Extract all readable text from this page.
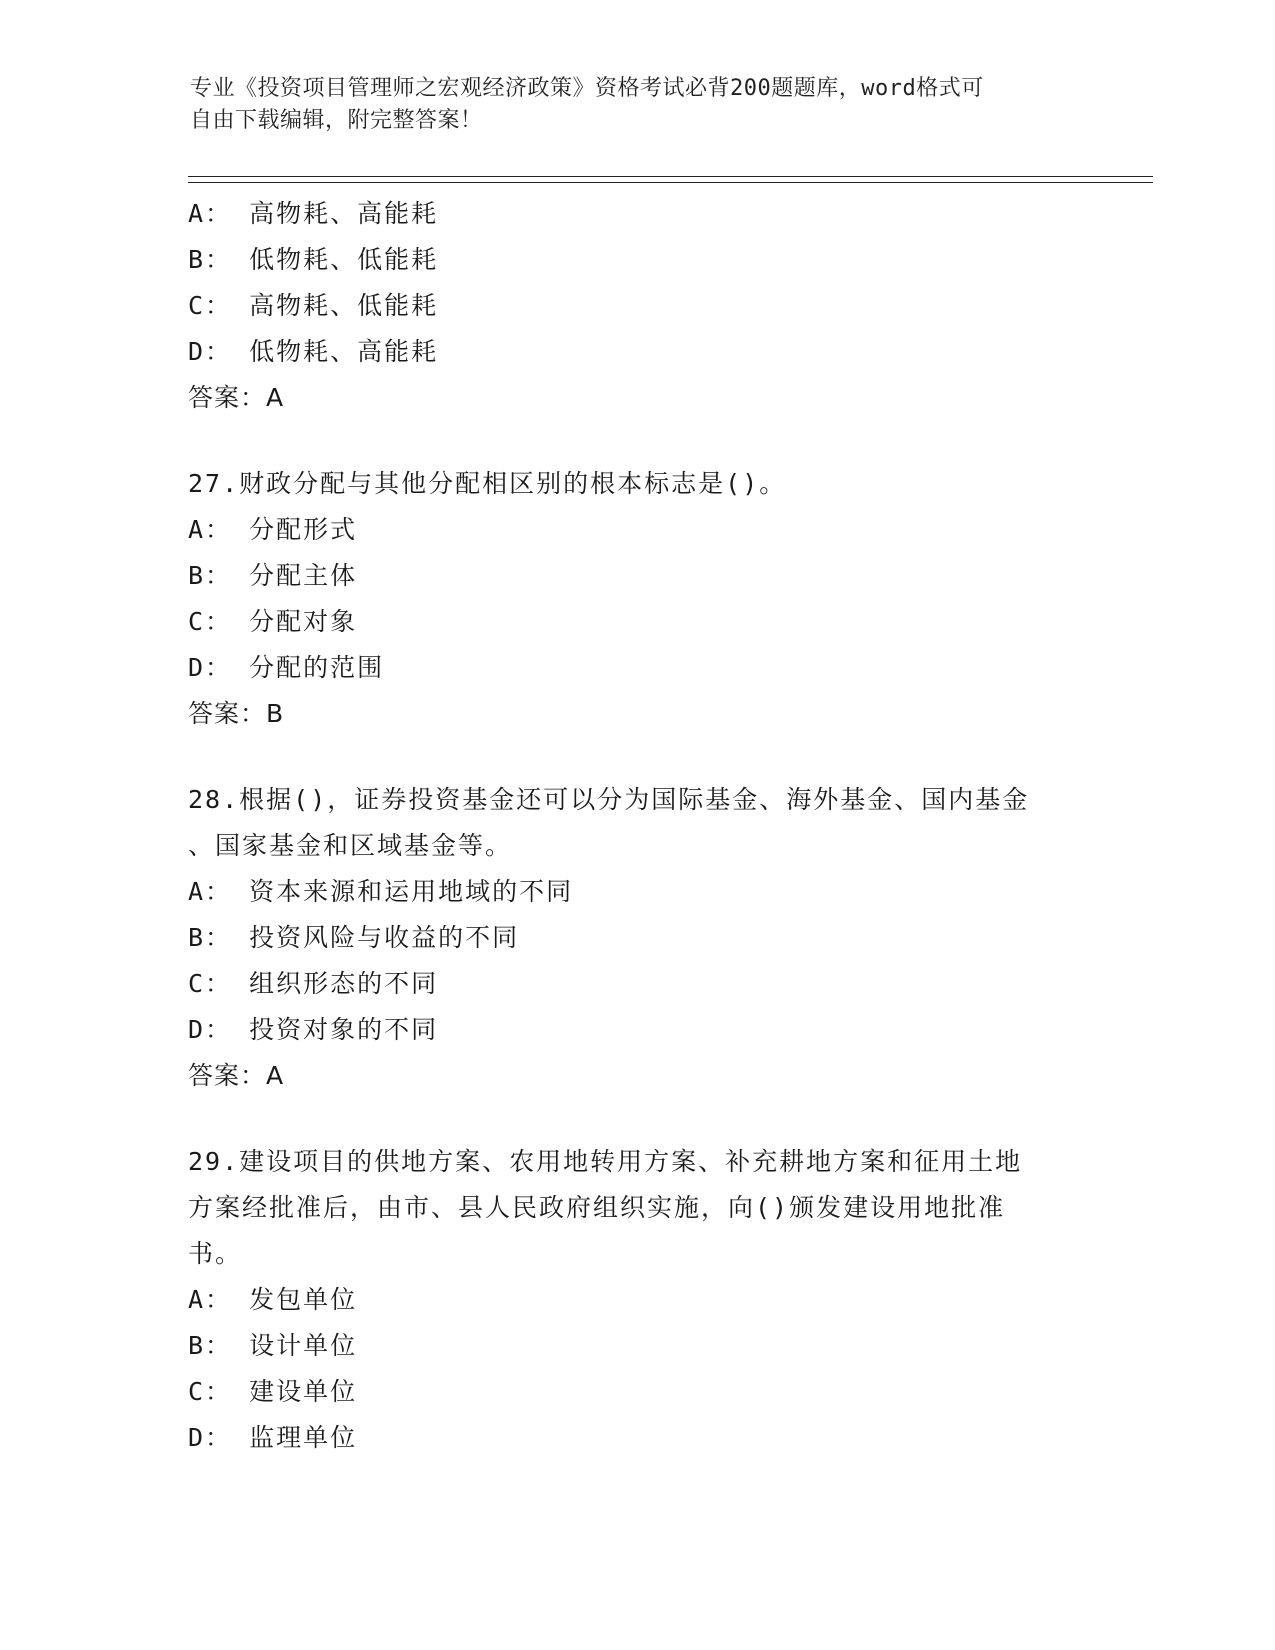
专业《投资项目管理师之宏观经济政策》资格考试必背200题题库，word格式可
自由下载编辑，附完整答案！
A： 高物耗、高能耗
B： 低物耗、低能耗
C： 高物耗、低能耗
D： 低物耗、高能耗
答案：A
27.财政分配与其他分配相区别的根本标志是()。
A： 分配形式
B： 分配主体
C： 分配对象
D： 分配的范围
答案：B
28.根据()，证券投资基金还可以分为国际基金、海外基金、国内基金
、国家基金和区域基金等。
A： 资本来源和运用地域的不同
B： 投资风险与收益的不同
C： 组织形态的不同
D： 投资对象的不同
答案：A
29.建设项目的供地方案、农用地转用方案、补充耕地方案和征用土地
方案经批准后，由市、县人民政府组织实施，向()颁发建设用地批准
书。
A： 发包单位
B： 设计单位
C： 建设单位
D： 监理单位
